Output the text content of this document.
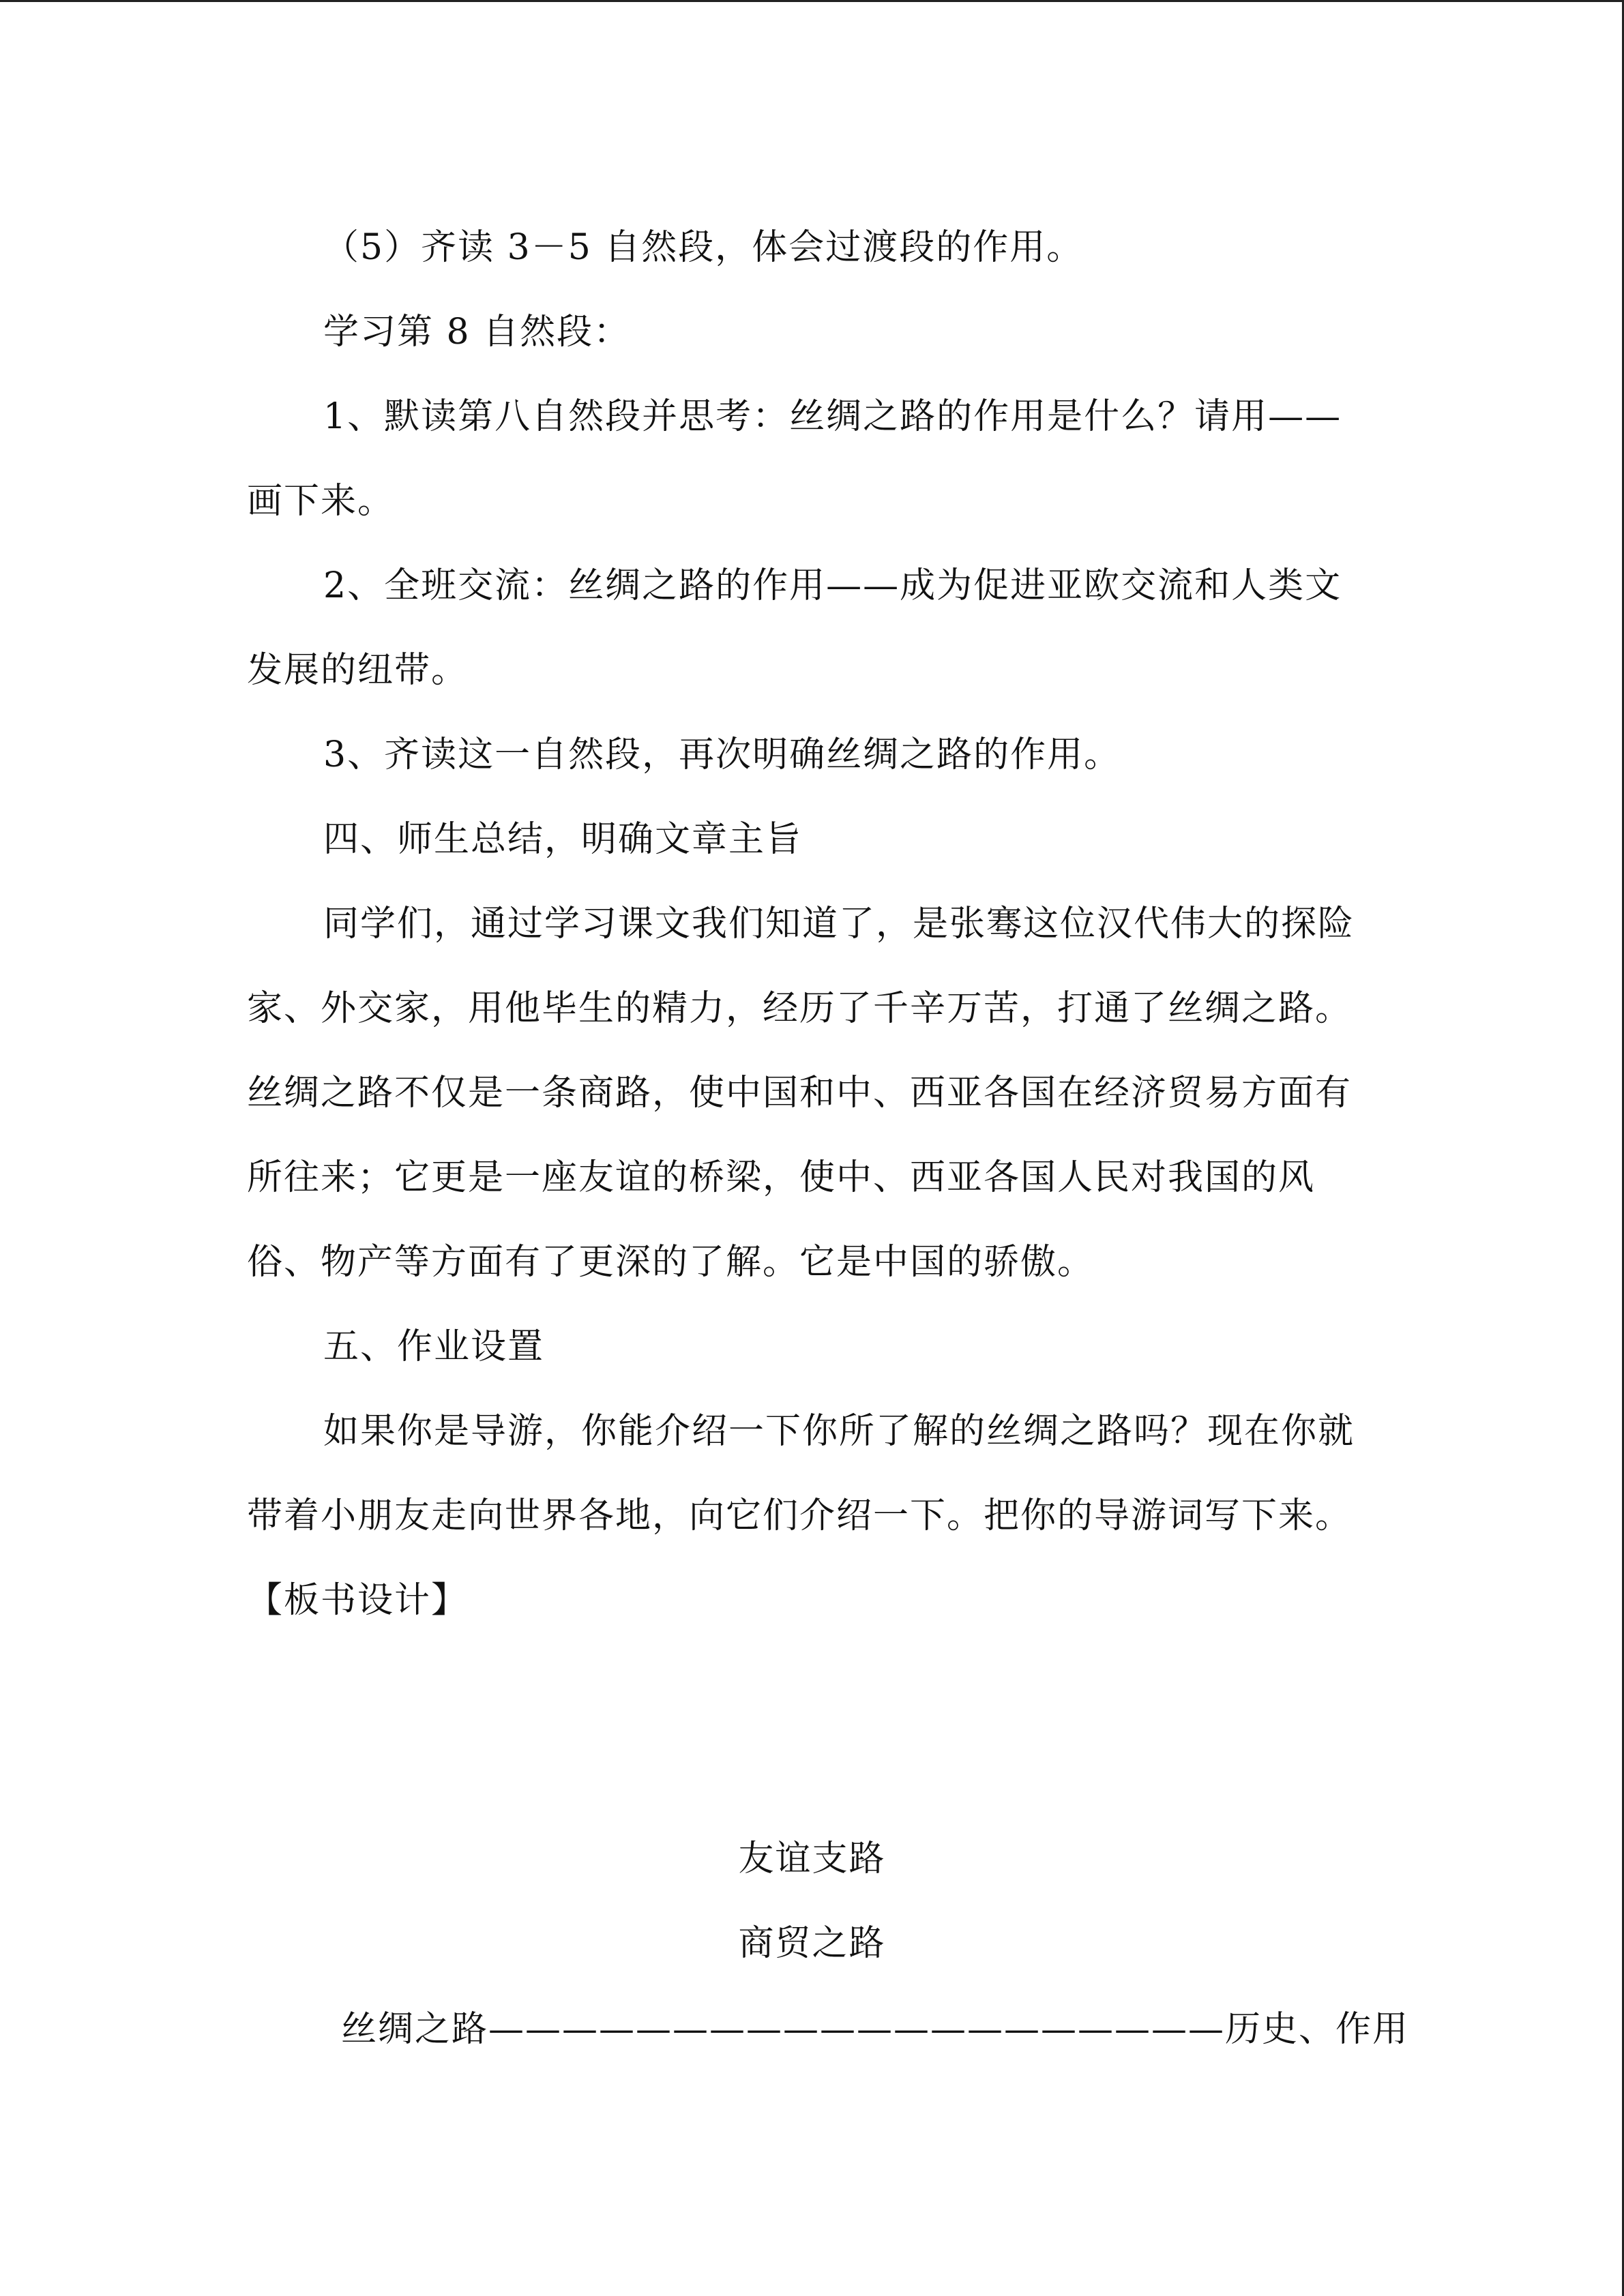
（5）齐读 3－5 自然段，体会过渡段的作用。

学习第 8 自然段：

1、默读第八自然段并思考：丝绸之路的作用是什么？请用——画下来。

2、全班交流：丝绸之路的作用——成为促进亚欧交流和人类文发展的纽带。

3、齐读这一自然段，再次明确丝绸之路的作用。

四、师生总结，明确文章主旨

同学们，通过学习课文我们知道了，是张骞这位汉代伟大的探险家、外交家，用他毕生的精力，经历了千辛万苦，打通了丝绸之路。丝绸之路不仅是一条商路，使中国和中、西亚各国在经济贸易方面有所往来；它更是一座友谊的桥梁，使中、西亚各国人民对我国的风俗、物产等方面有了更深的了解。它是中国的骄傲。

五、作业设置

如果你是导游，你能介绍一下你所了解的丝绸之路吗？现在你就带着小朋友走向世界各地，向它们介绍一下。把你的导游词写下来。

【板书设计】

友谊支路
商贸之路
丝绸之路————————————————————历史、作用
